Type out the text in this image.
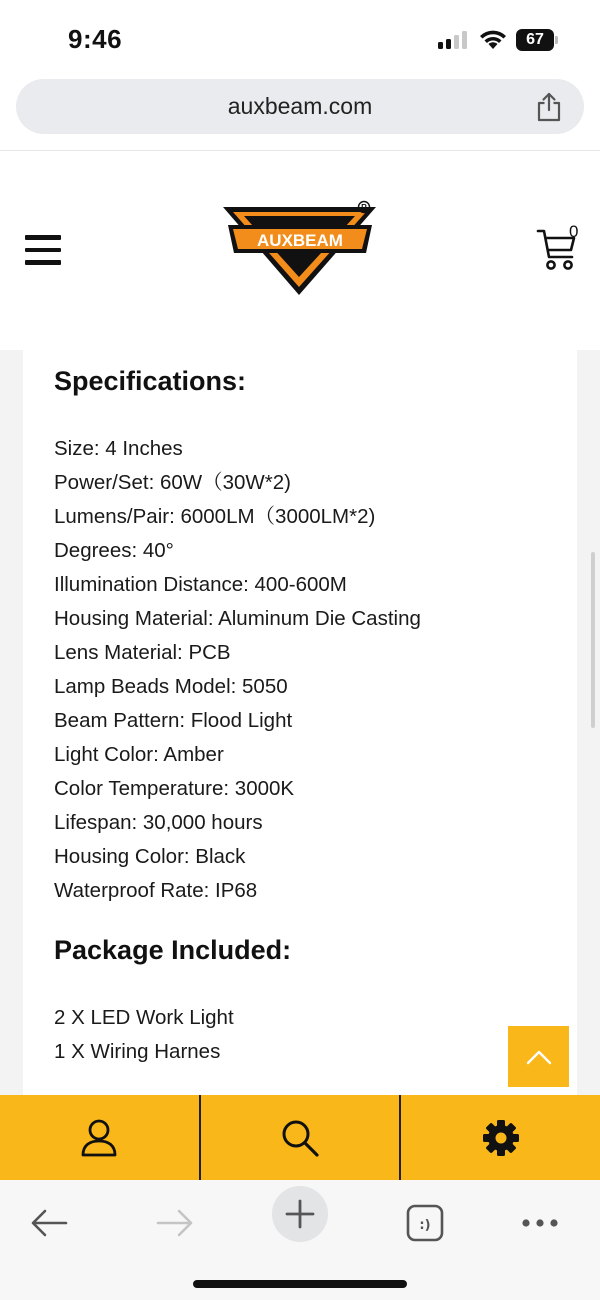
9:46	67
auxbeam.com
AUXBEAM
R
0
Specifications:
Size: 4 Inches
Power/Set: 60W（30W*2)
Lumens/Pair: 6000LM（3000LM*2)
Degrees: 40°
Illumination Distance: 400-600M
Housing Material: Aluminum Die Casting
Lens Material: PCB
Lamp Beads Model: 5050
Beam Pattern: Flood Light
Light Color: Amber
Color Temperature: 3000K
Lifespan: 30,000 hours
Housing Color: Black
Waterproof Rate: IP68
Package Included:
2 X LED Work Light
1 X Wiring Harnes
:)
